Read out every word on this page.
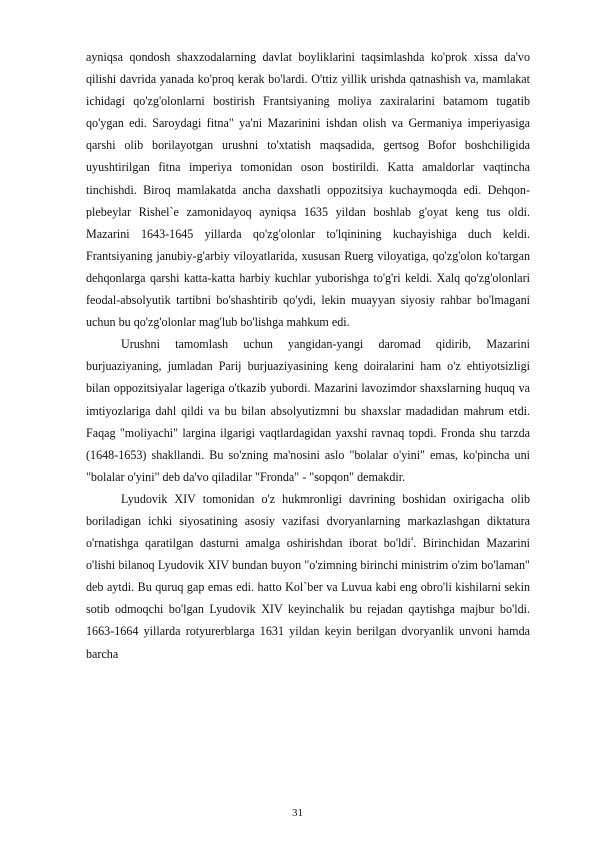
ayniqsa qondosh shaxzodalarning davlat boyliklarini taqsimlashda ko'prok xissa da'vo qilishi davrida yanada ko'proq kerak bo'lardi. O'ttiz yillik urishda qatnashish va, mamlakat ichidagi qo'zg'olonlarni bostirish Frantsiyaning moliya zaxiralarini batamom tugatib qo'ygan edi. Saroydagi fitna" ya'ni Mazarinini ishdan olish va Germaniya imperiyasiga qarshi olib borilayotgan urushni to'xtatish maqsadida, gertsog Bofor boshchiligida uyushtirilgan fitna imperiya tomonidan oson bostirildi. Katta amaldorlar vaqtincha tinchishdi. Biroq mamlakatda ancha daxshatli oppozitsiya kuchaymoqda edi. Dehqon-plebeylar Rishel`e zamonidayoq ayniqsa 1635 yildan boshlab g'oyat keng tus oldi. Mazarini 1643-1645 yillarda qo'zg'olonlar to'lqinining kuchayishiga duch keldi. Frantsiyaning janubiy-g'arbiy viloyatlarida, xususan Ruerg viloyatiga, qo'zg'olon ko'targan dehqonlarga qarshi katta-katta harbiy kuchlar yuborishga to'g'ri keldi. Xalq qo'zg'olonlari feodal-absolyutik tartibni bo'shashtirib qo'ydi, lekin muayyan siyosiy rahbar bo'lmagani uchun bu qo'zg'olonlar mag'lub bo'lishga mahkum edi.

Urushni tamomlash uchun yangidan-yangi daromad qidirib, Mazarini burjuaziyaning, jumladan Parij burjuaziyasining keng doiralarini ham o'z ehtiyotsizligi bilan oppozitsiyalar lageriga o'tkazib yubordi. Mazarini lavozimdor shaxslarning huquq va imtiyozlariga dahl qildi va bu bilan absolyutizmni bu shaxslar madadidan mahrum etdi. Faqag "moliyachi" largina ilgarigi vaqtlardagidan yaxshi ravnaq topdi. Fronda shu tarzda (1648-1653) shakllandi. Bu so'zning ma'nosini aslo "bolalar o'yini" emas, ko'pincha uni "bolalar o'yini" deb da'vo qiladilar "Fronda" - "sopqon" demakdir.

Lyudovik XIV tomonidan o'z hukmronligi davrining boshidan oxirigacha olib boriladigan ichki siyosatining asosiy vazifasi dvoryanlarning markazlashgan diktatura o'rnatishga qaratilgan dasturni amalga oshirishdan iborat bo'ldi$^{^4}$. Birinchidan Mazarini o'lishi bilanoq Lyudovik XIV bundan buyon "o'zimning birinchi ministrim o'zim bo'laman" deb aytdi. Bu quruq gap emas edi. hatto Kol`ber va Luvua kabi eng obro'li kishilarni sekin sotib odmoqchi bo'lgan Lyudovik XIV keyinchalik bu rejadan qaytishga majbur bo'ldi. 1663-1664 yillarda rotyurerblarga 1631 yildan keyin berilgan dvoryanlik unvoni hamda barcha

31
